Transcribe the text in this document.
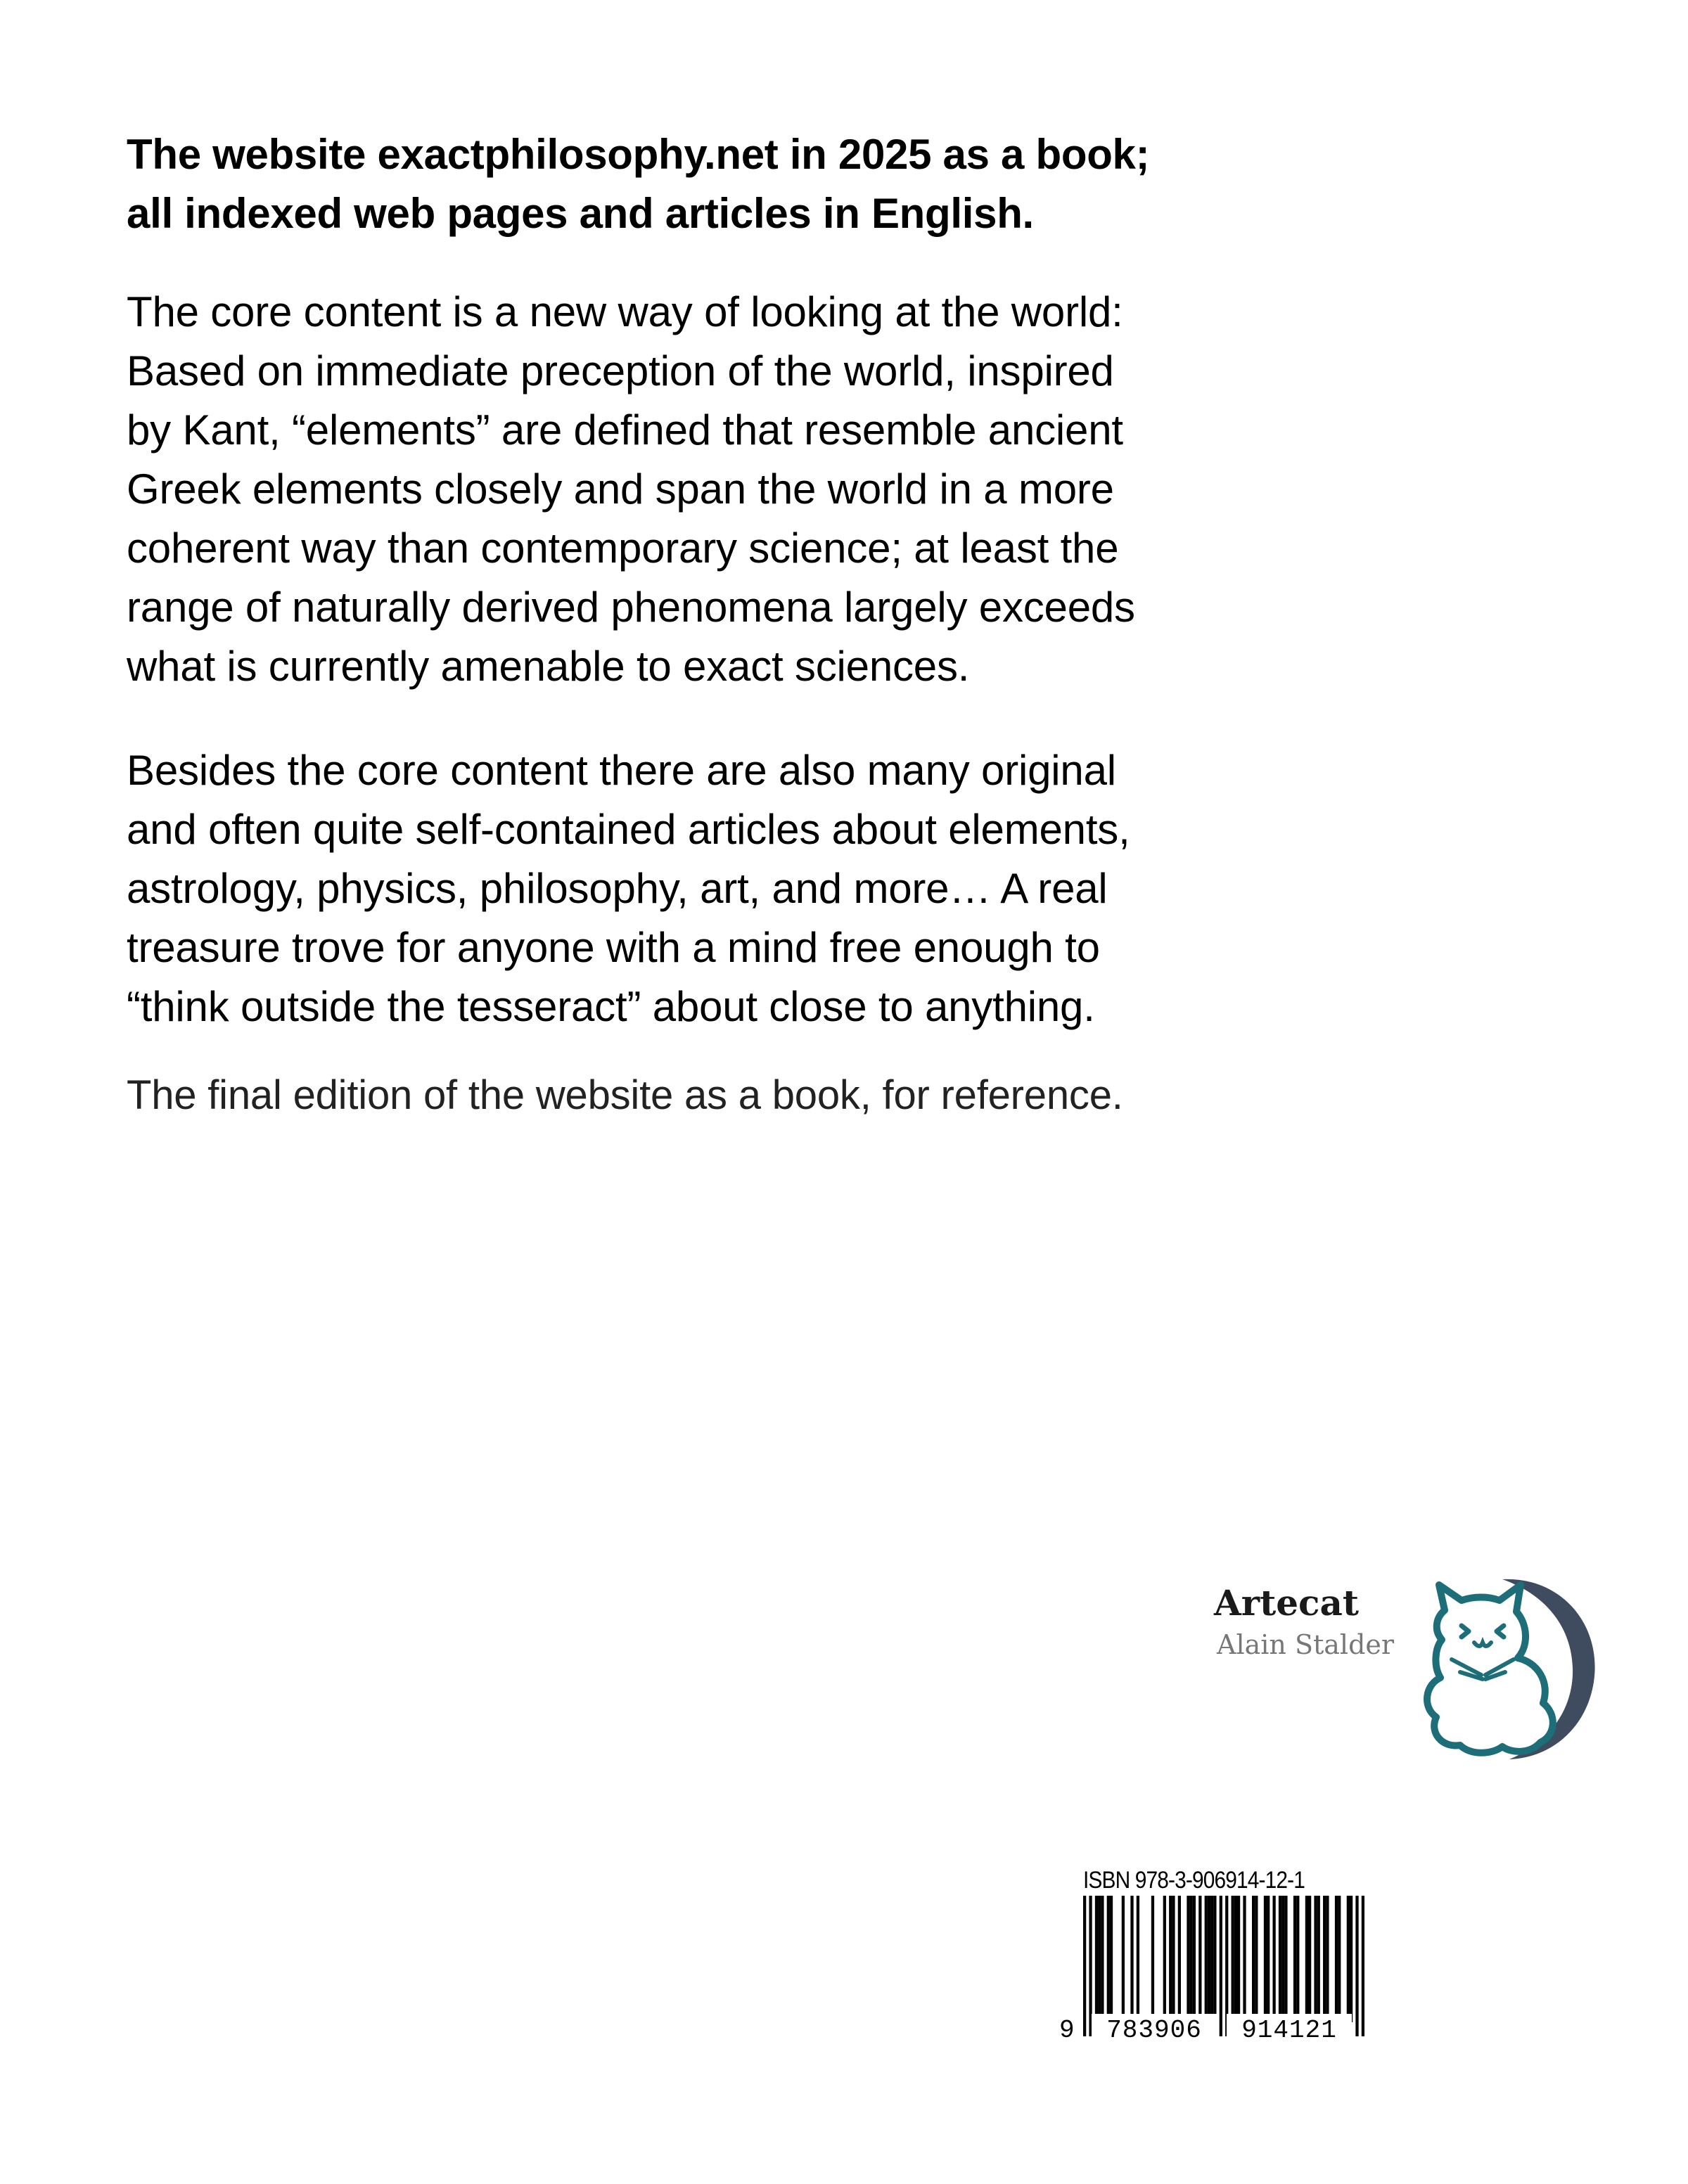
The website exactphilosophy.net in 2025 as a book;
all indexed web pages and articles in English.

The core content is a new way of looking at the world:
Based on immediate preception of the world, inspired
by Kant, “elements” are defined that resemble ancient
Greek elements closely and span the world in a more
coherent way than contemporary science; at least the
range of naturally derived phenomena largely exceeds
what is currently amenable to exact sciences.

Besides the core content there are also many original
and often quite self-contained articles about elements,
astrology, physics, philosophy, art, and more… A real
treasure trove for anyone with a mind free enough to
“think outside the tesseract” about close to anything.

The final edition of the website as a book, for reference.

Artecat
Alain Stalder
ISBN 978-3-906914-12-1
9	783906	914121
